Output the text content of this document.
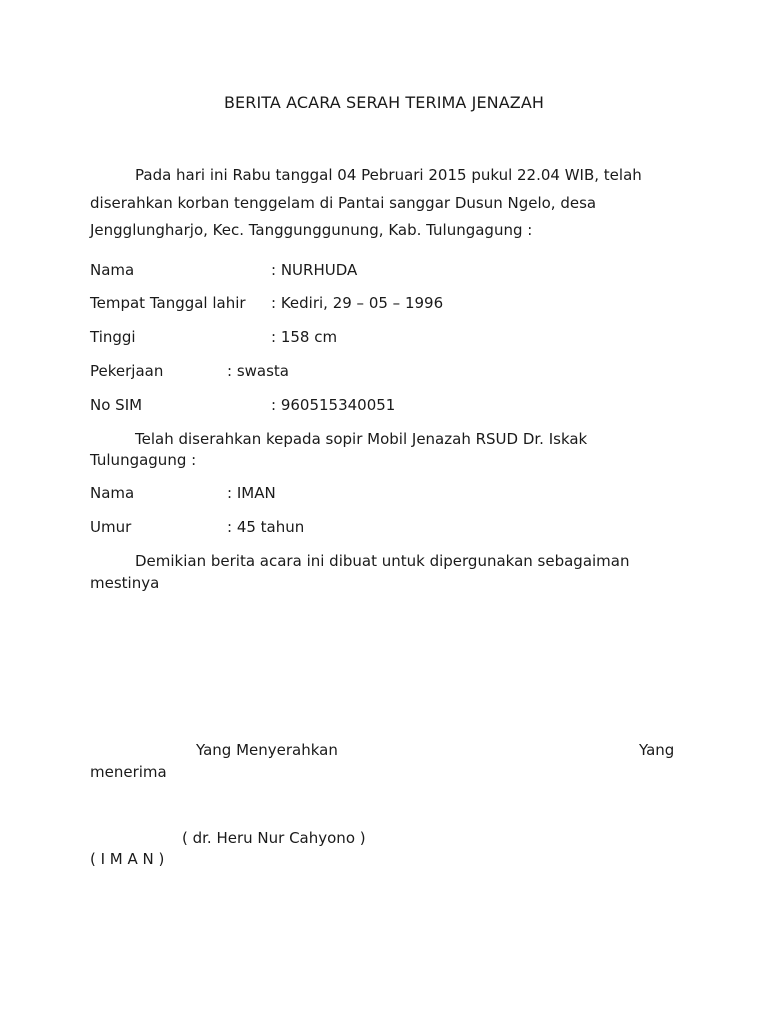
BERITA ACARA SERAH TERIMA JENAZAH
Pada hari ini Rabu tanggal 04 Pebruari 2015 pukul 22.04 WIB, telah
diserahkan korban tenggelam di Pantai sanggar Dusun Ngelo, desa
Jengglungharjo, Kec. Tanggunggunung, Kab. Tulungagung :
Nama	: NURHUDA
Tempat Tanggal lahir : Kediri, 29 – 05 – 1996
Tinggi	: 158 cm
Pekerjaan	: swasta
No SIM	: 960515340051
Telah diserahkan kepada sopir Mobil Jenazah RSUD Dr. Iskak
Tulungagung :
Nama	: IMAN
Umur	: 45 tahun
Demikian berita acara ini dibuat untuk dipergunakan sebagaiman
mestinya
Yang Menyerahkan	Yang
menerima
( dr. Heru Nur Cahyono )
( I M A N )
